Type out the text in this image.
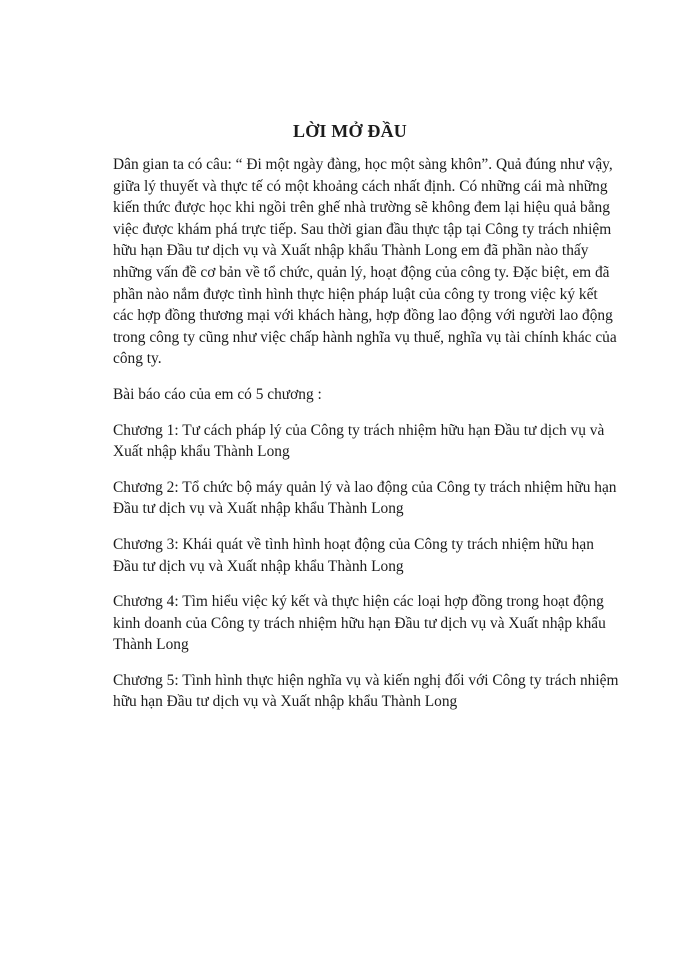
LỜI MỞ ĐẦU

Dân gian ta có câu: “ Đi một ngày đàng, học một sàng khôn”. Quả đúng như vậy, giữa lý thuyết và thực tế có một khoảng cách nhất định. Có những cái mà những kiến thức được học khi ngồi trên ghế nhà trường sẽ không đem lại hiệu quả bằng việc được khám phá trực tiếp. Sau thời gian đầu thực tập tại Công ty trách nhiệm hữu hạn Đầu tư dịch vụ và Xuất nhập khẩu Thành Long em đã phần nào thấy những vấn đề cơ bản về tổ chức, quản lý, hoạt động của công ty. Đặc biệt, em đã phần nào nắm được tình hình thực hiện pháp luật của công ty trong việc ký kết các hợp đồng thương mại với khách hàng, hợp đồng lao động với người lao động trong công ty cũng như việc chấp hành nghĩa vụ thuế, nghĩa vụ tài chính khác của công ty.

Bài báo cáo của em có 5 chương :

Chương 1: Tư cách pháp lý của Công ty trách nhiệm hữu hạn Đầu tư dịch vụ và Xuất nhập khẩu Thành Long

Chương 2: Tổ chức bộ máy quản lý và lao động của Công ty trách nhiệm hữu hạn Đầu tư dịch vụ và Xuất nhập khẩu Thành Long

Chương 3: Khái quát về tình hình hoạt động của Công ty trách nhiệm hữu hạn Đầu tư dịch vụ và Xuất nhập khẩu Thành Long

Chương 4: Tìm hiểu việc ký kết và thực hiện các loại hợp đồng trong hoạt động kinh doanh của Công ty trách nhiệm hữu hạn Đầu tư dịch vụ và Xuất nhập khẩu Thành Long

Chương 5: Tình hình thực hiện nghĩa vụ và kiến nghị đối với Công ty trách nhiệm hữu hạn Đầu tư dịch vụ và Xuất nhập khẩu Thành Long
